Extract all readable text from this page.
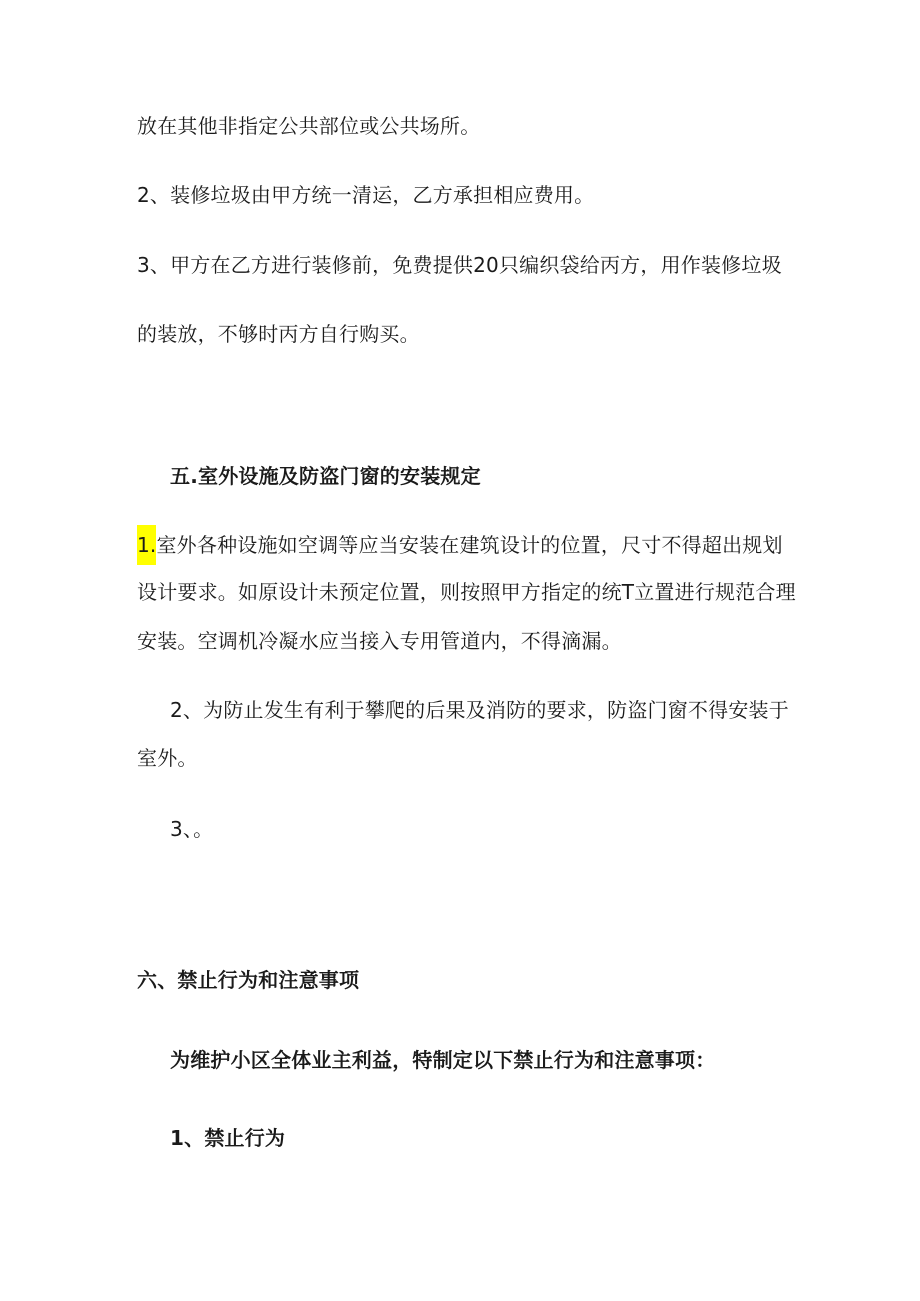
放在其他非指定公共部位或公共场所。
2、装修垃圾由甲方统一清运，乙方承担相应费用。
3、甲方在乙方进行装修前，免费提供20只编织袋给丙方，用作装修垃圾
的装放，不够时丙方自行购买。
五.室外设施及防盗门窗的安装规定
1.室外各种设施如空调等应当安装在建筑设计的位置，尺寸不得超出规划
设计要求。如原设计未预定位置，则按照甲方指定的统T立置进行规范合理
安装。空调机冷凝水应当接入专用管道内，不得滴漏。
2、为防止发生有利于攀爬的后果及消防的要求，防盗门窗不得安装于
室外。
3、。
六、禁止行为和注意事项
为维护小区全体业主利益，特制定以下禁止行为和注意事项：
1、禁止行为
